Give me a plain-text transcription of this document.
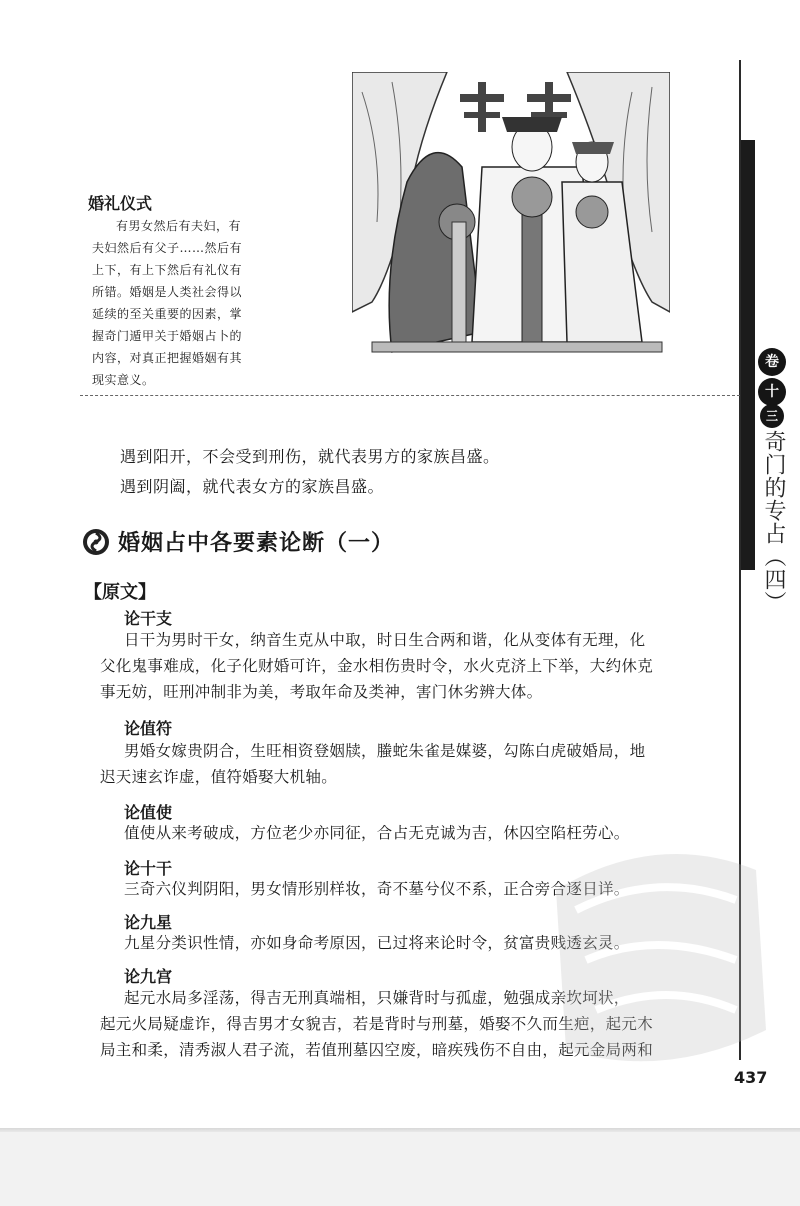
卷
十
三
奇门的专占（四）
婚礼仪式

有男女然后有夫妇，有

夫妇然后有父子……然后有
上下，有上下然后有礼仪有
所错。婚姻是人类社会得以
延续的至关重要的因素，掌
握奇门遁甲关于婚姻占卜的
内容，对真正把握婚姻有其
现实意义。
遇到阳开，不会受到刑伤，就代表男方的家族昌盛。
遇到阴阖，就代表女方的家族昌盛。
婚姻占中各要素论断（一）
【原文】
论干支
日干为男时干女，纳音生克从中取，时日生合两和谐，化从变体有无理，化
父化鬼事难成，化子化财婚可许，金水相伤贵时令，水火克济上下举，大约休克
事无妨，旺刑冲制非为美，考取年命及类神，害门休劣辨大体。
论值符
男婚女嫁贵阴合，生旺相资登姻牍，螣蛇朱雀是媒婆，勾陈白虎破婚局，地
迟天速玄诈虚，值符婚娶大机轴。
论值使
值使从来考破成，方位老少亦同征，合占无克诚为吉，休囚空陷枉劳心。
论十干
三奇六仪判阴阳，男女情形别样妆，奇不墓兮仪不系，正合旁合逐日详。
论九星
九星分类识性情，亦如身命考原因，已过将来论时令，贫富贵贱透玄灵。
论九宫
起元水局多淫荡，得吉无刑真端相，只嫌背时与孤虚，勉强成亲坎坷状，
起元火局疑虚诈，得吉男才女貌吉，若是背时与刑墓，婚娶不久而生疤，起元木
局主和柔，清秀淑人君子流，若值刑墓囚空废，暗疾残伤不自由，起元金局两和
437
